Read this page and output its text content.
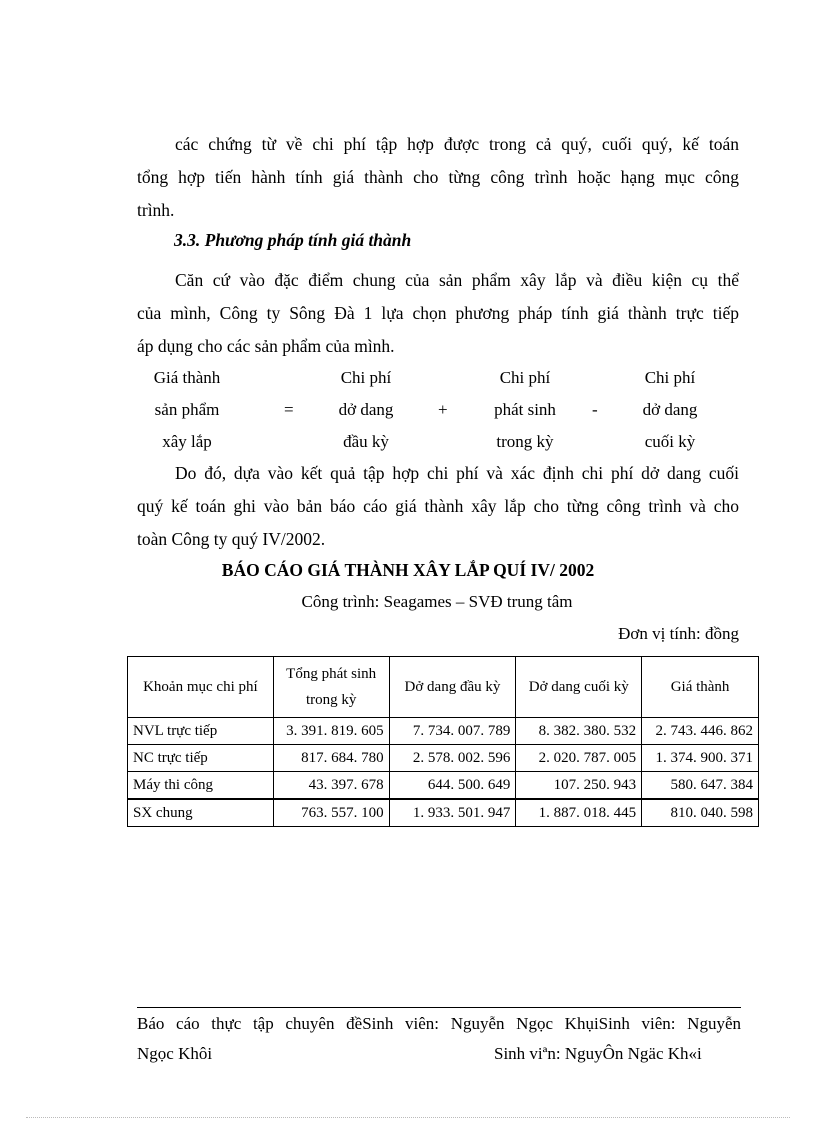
các chứng từ về chi phí tập hợp được trong cả quý, cuối quý, kế toán
tổng hợp tiến hành tính giá thành cho từng công trình hoặc hạng mục công
trình.

3.3. Phương pháp tính giá thành

Căn cứ vào đặc điểm chung của sản phẩm xây lắp và điều kiện cụ thể
của mình, Công ty Sông Đà 1 lựa chọn phương pháp tính giá thành trực tiếp
áp dụng cho các sản phẩm của mình.

Giá thành
sản phẩm
xây lắp
=
Chi phí
dở dang
đầu kỳ
+
Chi phí
phát sinh
trong kỳ
-
Chi phí
dở dang
cuối kỳ

Do đó, dựa vào kết quả tập hợp chi phí và xác định chi phí dở dang cuối
quý kế toán ghi vào bản báo cáo giá thành xây lắp cho từng công trình và cho
toàn Công ty quý IV/2002.

BÁO CÁO GIÁ THÀNH XÂY LẮP QUÍ IV/ 2002
Công trình: Seagames – SVĐ trung tâm
Đơn vị tính: đồng
Khoản mục chi phí	Tổng phát sinh trong kỳ	Dở dang đầu kỳ	Dở dang cuối kỳ	Giá thành
NVL trực tiếp	3. 391. 819. 605	7. 734. 007. 789	8. 382. 380. 532	2. 743. 446. 862
NC trực tiếp	817. 684. 780	2. 578. 002. 596	2. 020. 787. 005	1. 374. 900. 371
Máy thi công	43. 397. 678	644. 500. 649	107. 250. 943	580. 647. 384
SX chung	763. 557. 100	1. 933. 501. 947	1. 887. 018. 445	810. 040. 598
Báo cáo thực tập chuyên đềSinh viên: Nguyễn Ngọc KhụiSinh viên: Nguyễn
Ngọc Khôi	Sinh viªn: NguyÔn Ngäc Kh«i
